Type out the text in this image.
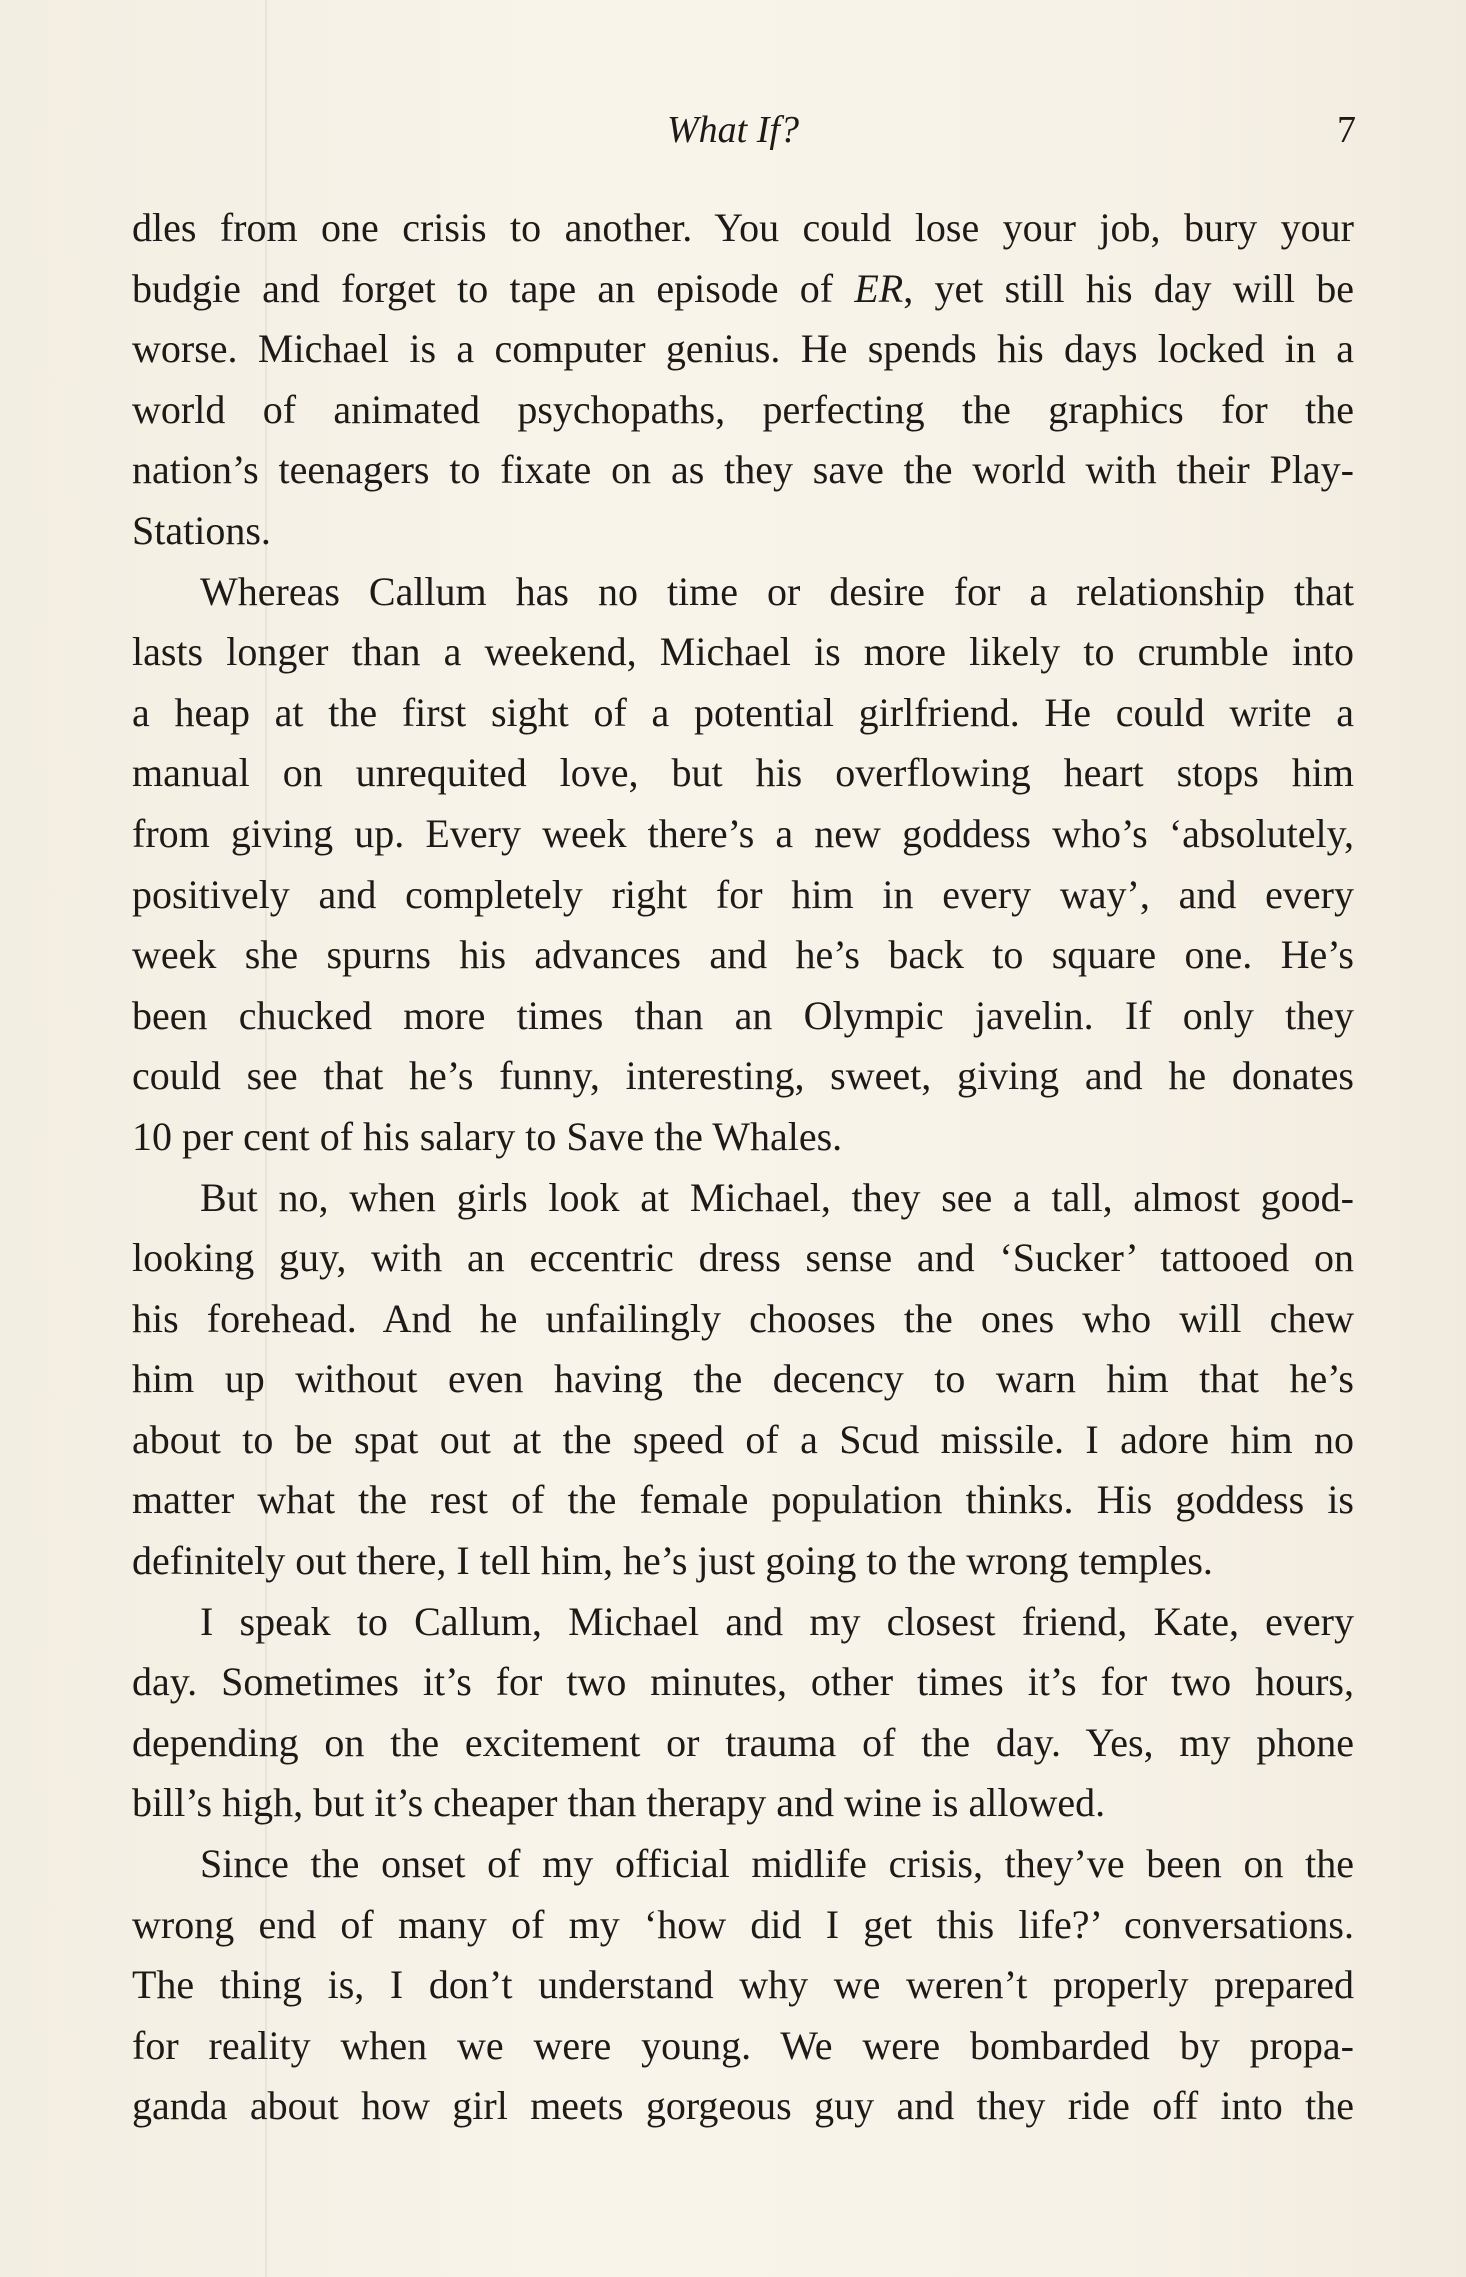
What If?	7
dles from one crisis to another. You could lose your job, bury your
budgie and forget to tape an episode of ER, yet still his day will be
worse. Michael is a computer genius. He spends his days locked in a
world of animated psychopaths, perfecting the graphics for the
nation’s teenagers to fixate on as they save the world with their Play-
Stations.
Whereas Callum has no time or desire for a relationship that
lasts longer than a weekend, Michael is more likely to crumble into
a heap at the first sight of a potential girlfriend. He could write a
manual on unrequited love, but his overflowing heart stops him
from giving up. Every week there’s a new goddess who’s ‘absolutely,
positively and completely right for him in every way’, and every
week she spurns his advances and he’s back to square one. He’s
been chucked more times than an Olympic javelin. If only they
could see that he’s funny, interesting, sweet, giving and he donates
10 per cent of his salary to Save the Whales.
But no, when girls look at Michael, they see a tall, almost good-
looking guy, with an eccentric dress sense and ‘Sucker’ tattooed on
his forehead. And he unfailingly chooses the ones who will chew
him up without even having the decency to warn him that he’s
about to be spat out at the speed of a Scud missile. I adore him no
matter what the rest of the female population thinks. His goddess is
definitely out there, I tell him, he’s just going to the wrong temples.
I speak to Callum, Michael and my closest friend, Kate, every
day. Sometimes it’s for two minutes, other times it’s for two hours,
depending on the excitement or trauma of the day. Yes, my phone
bill’s high, but it’s cheaper than therapy and wine is allowed.
Since the onset of my official midlife crisis, they’ve been on the
wrong end of many of my ‘how did I get this life?’ conversations.
The thing is, I don’t understand why we weren’t properly prepared
for reality when we were young. We were bombarded by propa-
ganda about how girl meets gorgeous guy and they ride off into the
